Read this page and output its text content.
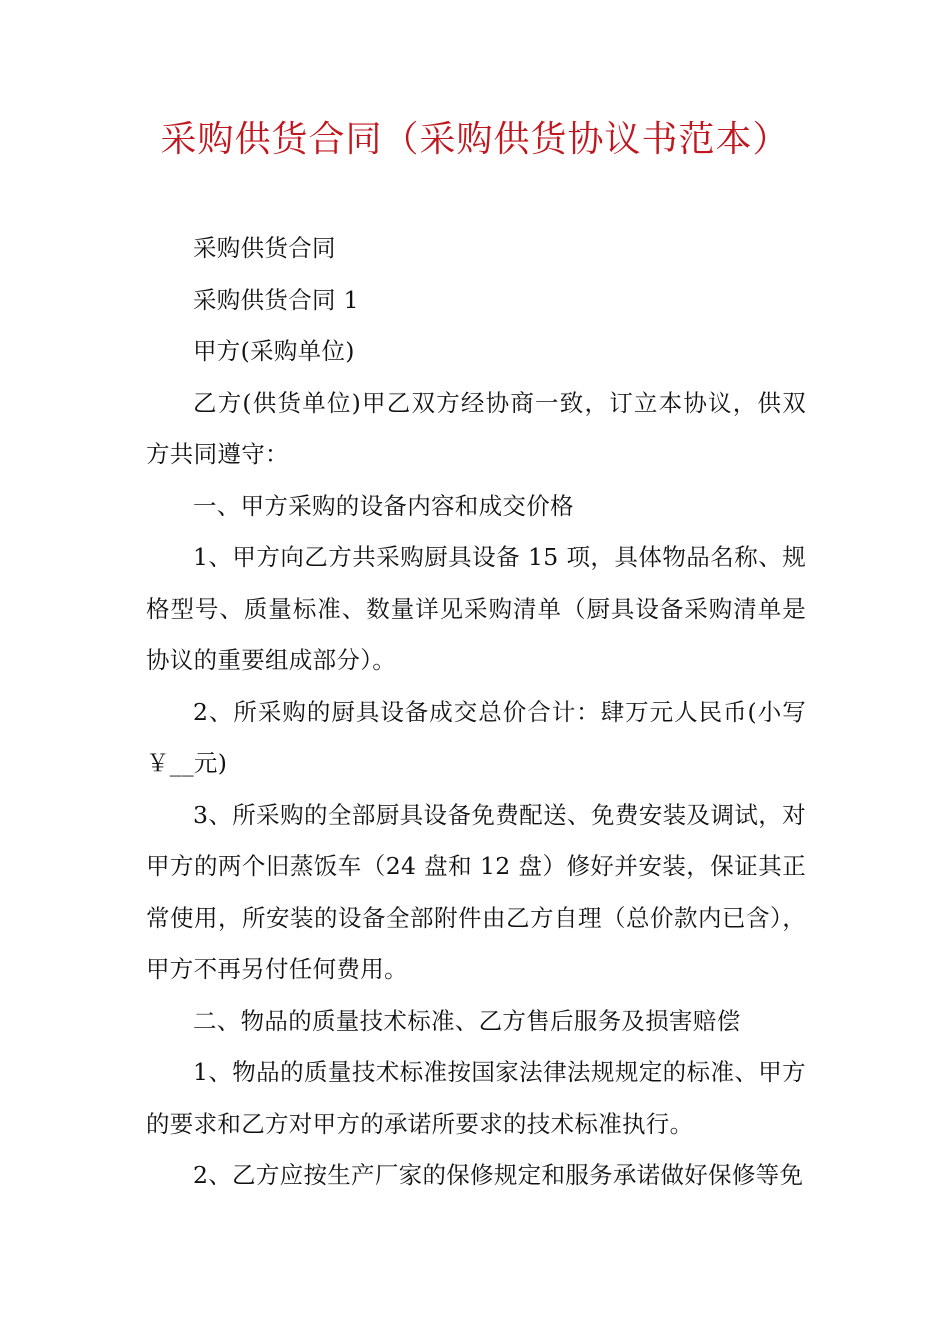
采购供货合同（采购供货协议书范本）

采购供货合同

采购供货合同 1

甲方(采购单位)

乙方(供货单位)甲乙双方经协商一致，订立本协议，供双方共同遵守：

一、甲方采购的设备内容和成交价格

1、甲方向乙方共采购厨具设备 15 项，具体物品名称、规格型号、质量标准、数量详见采购清单（厨具设备采购清单是协议的重要组成部分）。

2、所采购的厨具设备成交总价合计：肆万元人民币(小写￥__元)

3、所采购的全部厨具设备免费配送、免费安装及调试，对甲方的两个旧蒸饭车（24 盘和 12 盘）修好并安装，保证其正常使用，所安装的设备全部附件由乙方自理（总价款内已含），甲方不再另付任何费用。

二、物品的质量技术标准、乙方售后服务及损害赔偿

1、物品的质量技术标准按国家法律法规规定的标准、甲方的要求和乙方对甲方的承诺所要求的技术标准执行。

2、乙方应按生产厂家的保修规定和服务承诺做好保修等免
